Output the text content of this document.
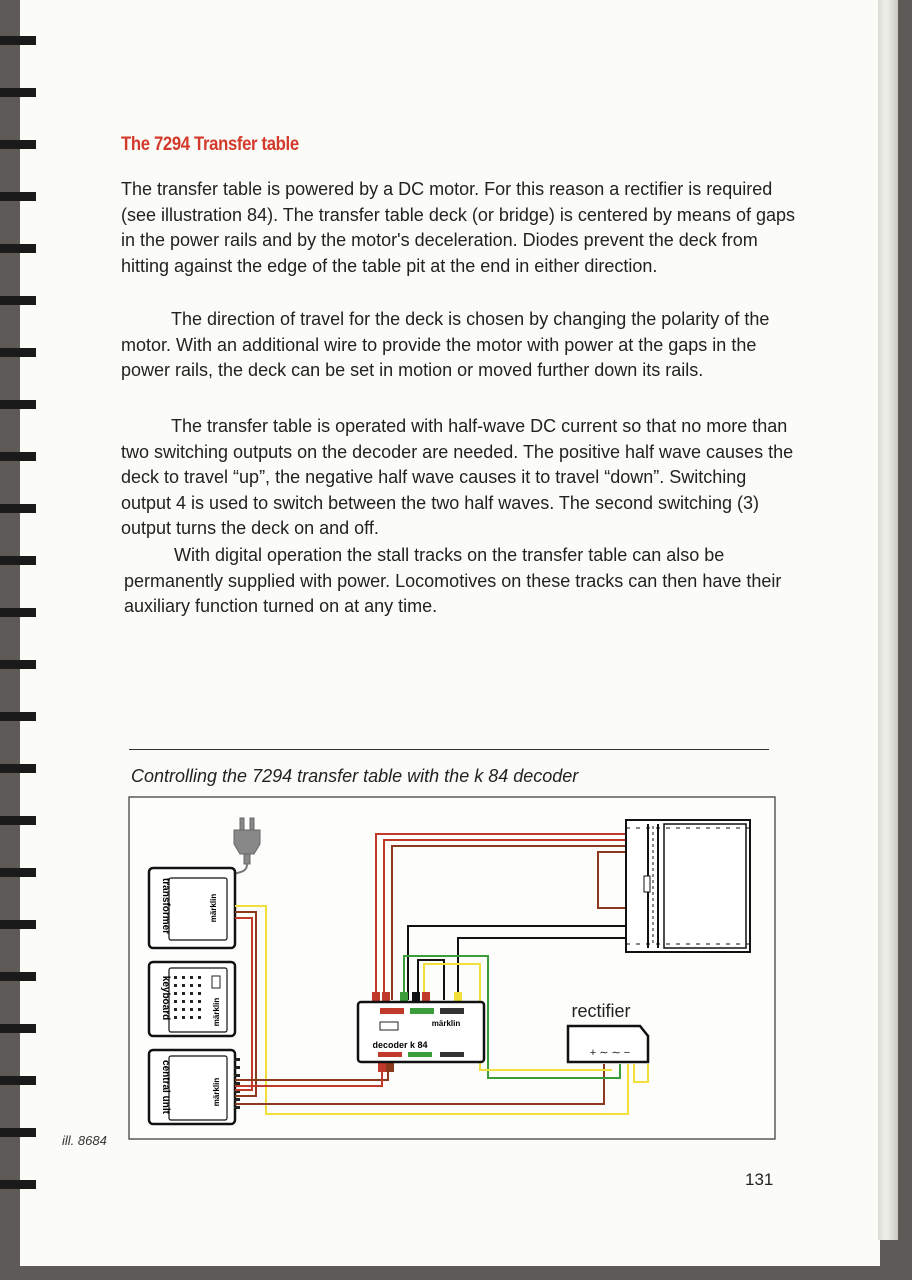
The 7294 Transfer table

The transfer table is powered by a DC motor. For this reason a rectifier is required (see illustration 84). The transfer table deck (or bridge) is centered by means of gaps in the power rails and by the motor's deceleration. Diodes prevent the deck from hitting against the edge of the table pit at the end in either direction.

The direction of travel for the deck is chosen by changing the polarity of the motor. With an additional wire to provide the motor with power at the gaps in the power rails, the deck can be set in motion or moved further down its rails.

The transfer table is operated with half-wave DC current so that no more than two switching outputs on the decoder are needed. The positive half wave causes the deck to travel “up”, the negative half wave causes it to travel “down”. Switching output 4 is used to switch between the two half waves. The second switching (3) output turns the deck on and off.

With digital operation the stall tracks on the transfer table can also be permanently supplied with power. Locomotives on these tracks can then have their auxiliary function turned on at any time.

Controlling the 7294 transfer table with the k 84 decoder

transformer	märklin
keyboard	märklin
central unit	märklin
märklin
decoder k 84
rectifier
+ ∼ ∼ −
ill. 8684
131
